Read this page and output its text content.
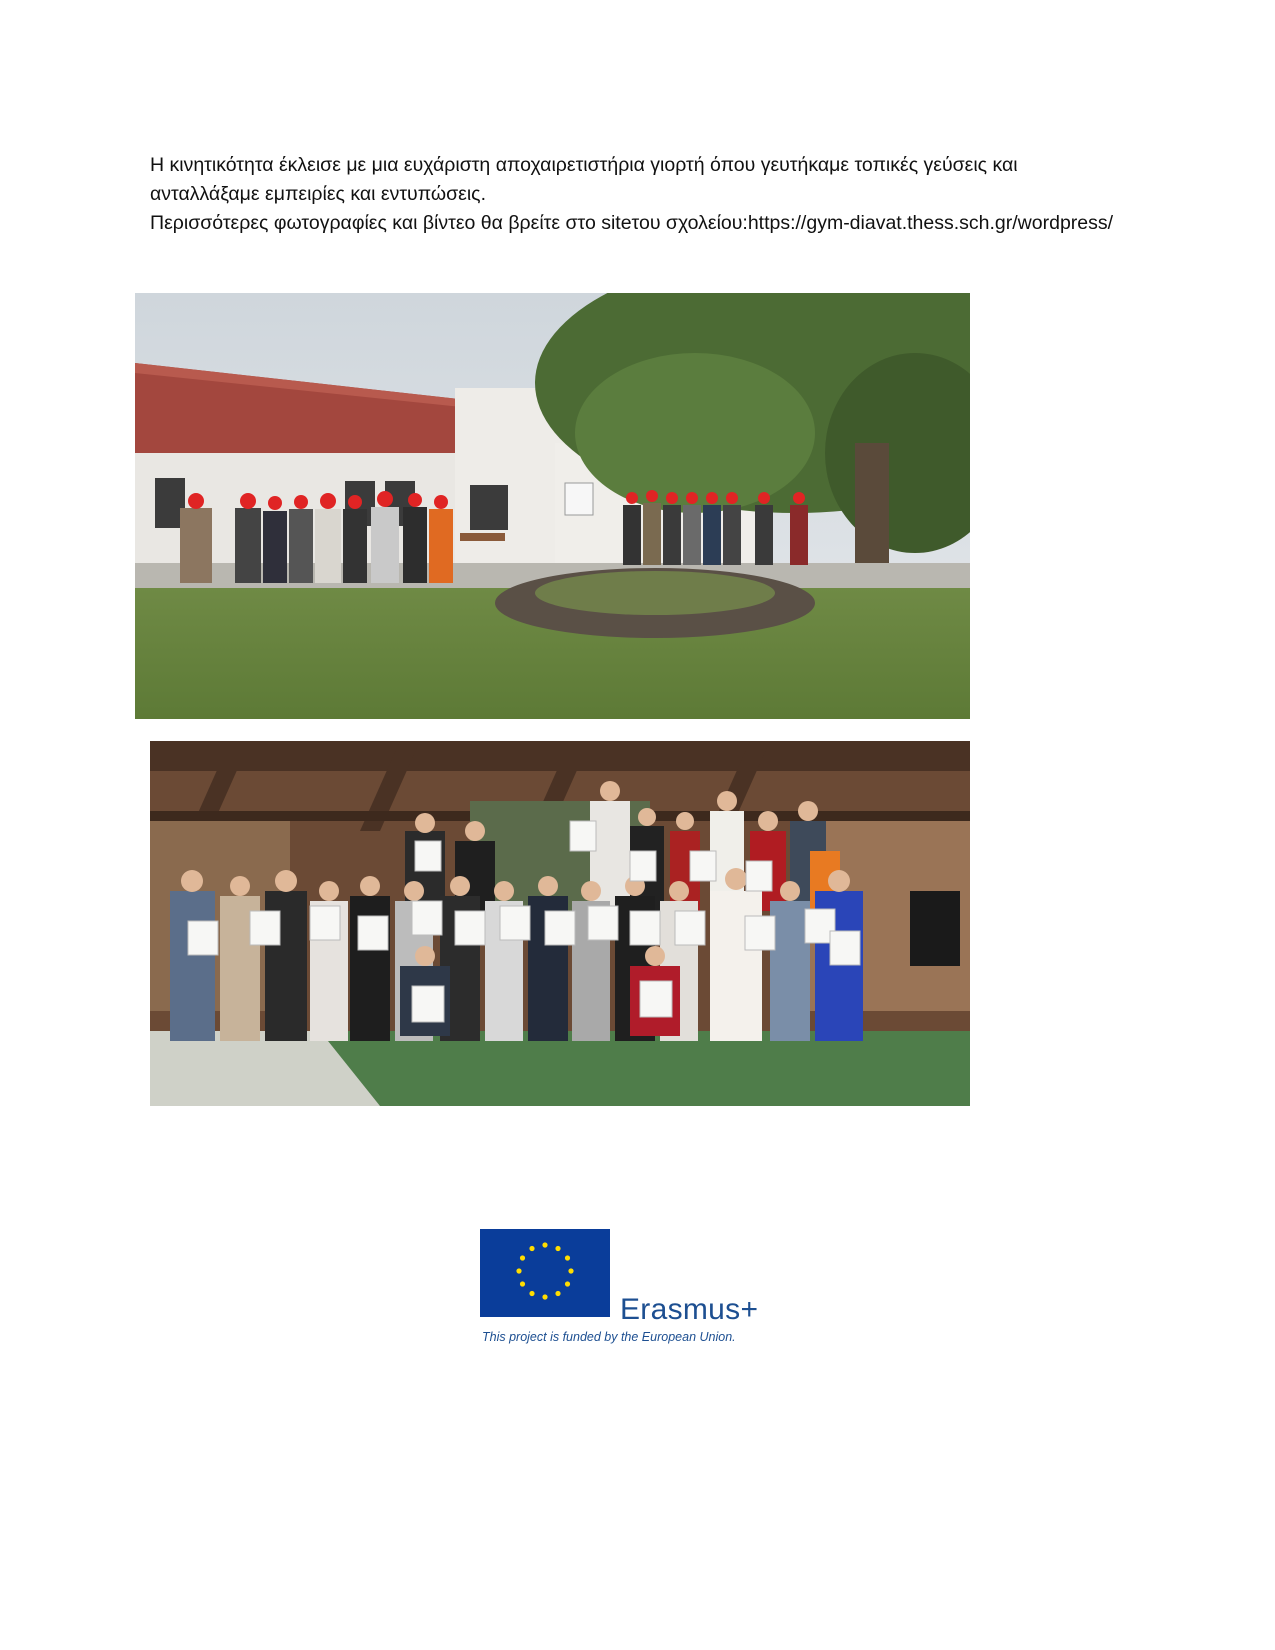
Η κινητικότητα έκλεισε με μια ευχάριστη αποχαιρετιστήρια γιορτή όπου γευτήκαμε τοπικές γεύσεις και ανταλλάξαμε εμπειρίες και εντυπώσεις.

Περισσότερες φωτογραφίες και βίντεο θα βρείτε στο siteτου σχολείου:https://gym-diavat.thess.sch.gr/wordpress/

Erasmus+
This project is funded by the European Union.
